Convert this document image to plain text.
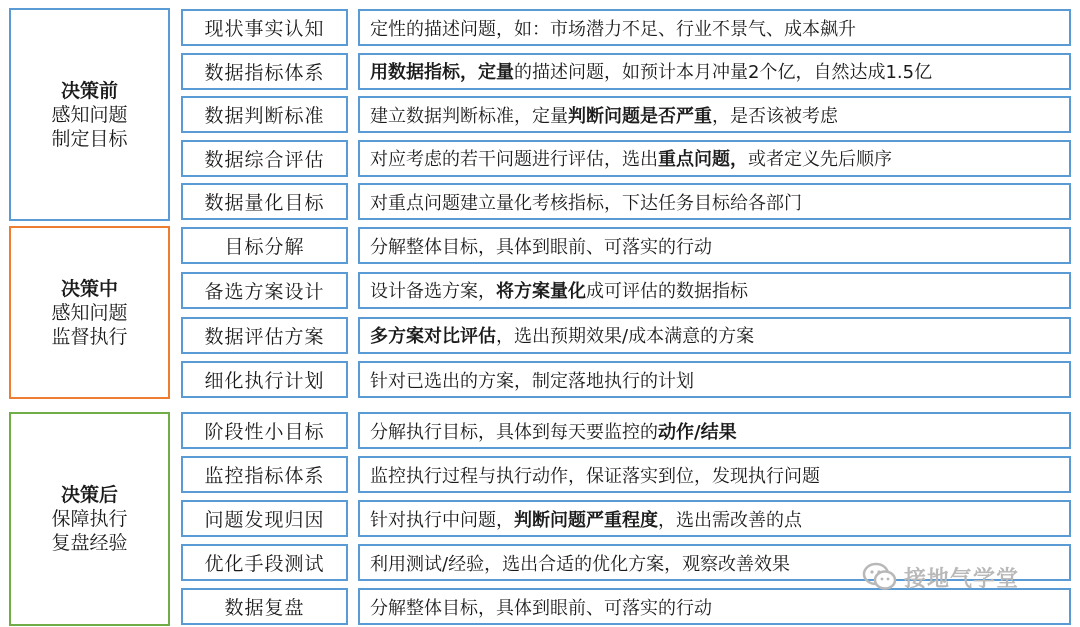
决策前
感知问题
制定目标
现状事实认知	定性的描述问题，如：市场潜力不足、行业不景气、成本飙升
数据指标体系	用数据指标，定量 的描述问题，如预计本月冲量2个亿，自然达成1.5亿
数据判断标准	建立数据判断标准，定量 判断问题是否严重 ，是否该被考虑
数据综合评估	对应考虑的若干问题进行评估，选出 重点问题， 或者定义先后顺序
数据量化目标	对重点问题建立量化考核指标，下达任务目标给各部门
决策中
感知问题
监督执行
目标分解	分解整体目标，具体到眼前、可落实的行动
备选方案设计	设计备选方案， 将方案量化 成可评估的数据指标
数据评估方案	多方案对比评估 ，选出预期效果/成本满意的方案
细化执行计划	针对已选出的方案，制定落地执行的计划
决策后
保障执行
复盘经验
阶段性小目标	分解执行目标，具体到每天要监控的 动作/结果
监控指标体系	监控执行过程与执行动作，保证落实到位，发现执行问题
问题发现归因	针对执行中问题， 判断问题严重程度 ，选出需改善的点
优化手段测试	利用测试/经验，选出合适的优化方案，观察改善效果
数据复盘	分解整体目标，具体到眼前、可落实的行动
接地气学堂
